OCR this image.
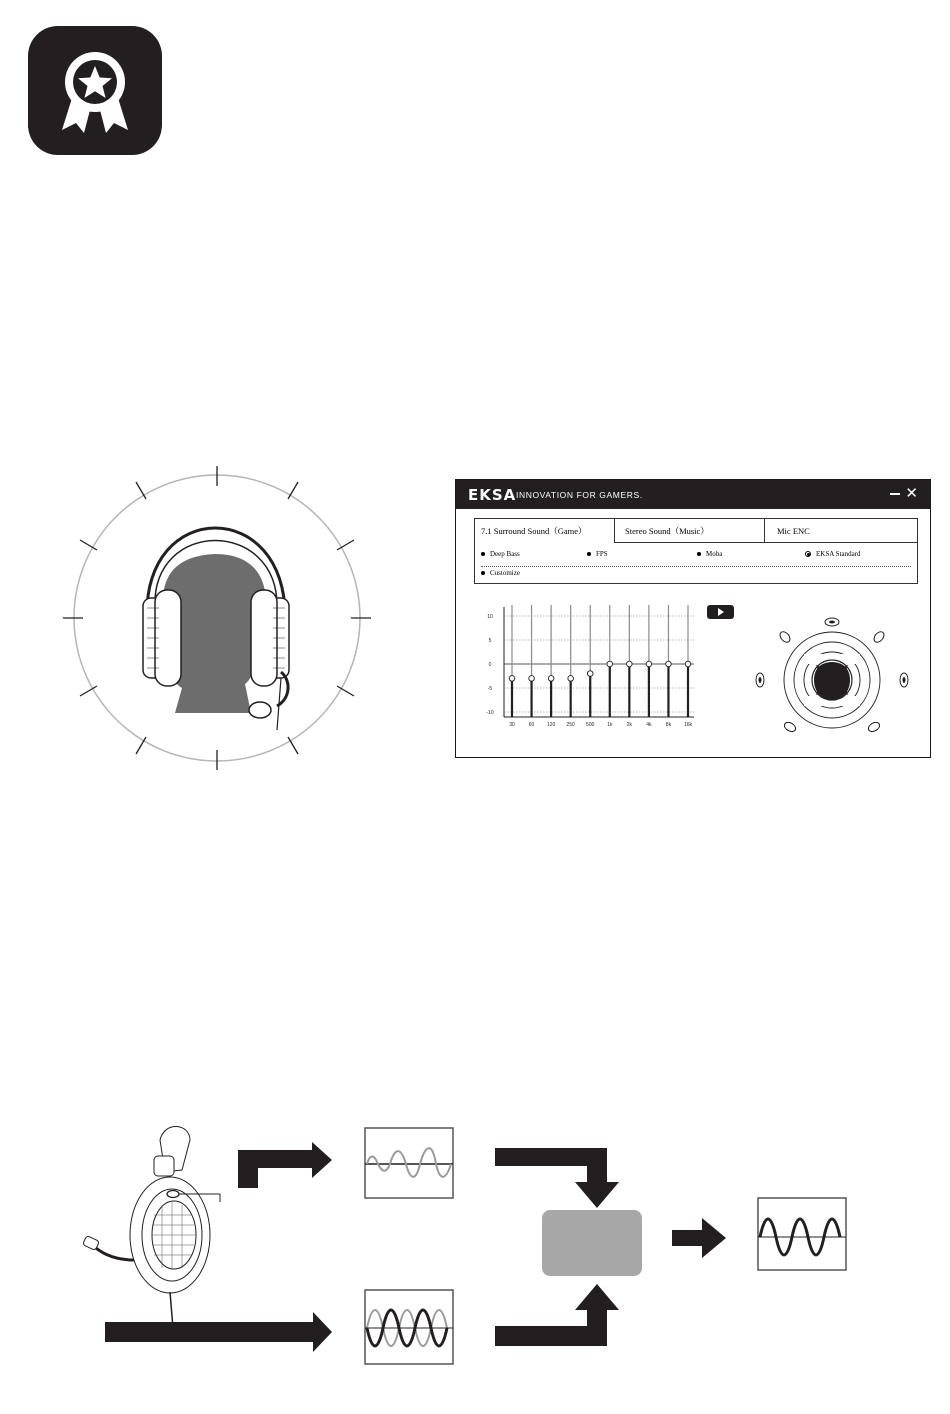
EKSA INNOVATION FOR GAMERS.	✕
7.1 Surround Sound（Game）	Stereo Sound（Music）	Mic ENC
Deep Bass	FPS	Moba	EKSA Standard
Customize
10
5
0
-5
-10
30	60	120 250 500	1k	2k	4k	8k	16k
